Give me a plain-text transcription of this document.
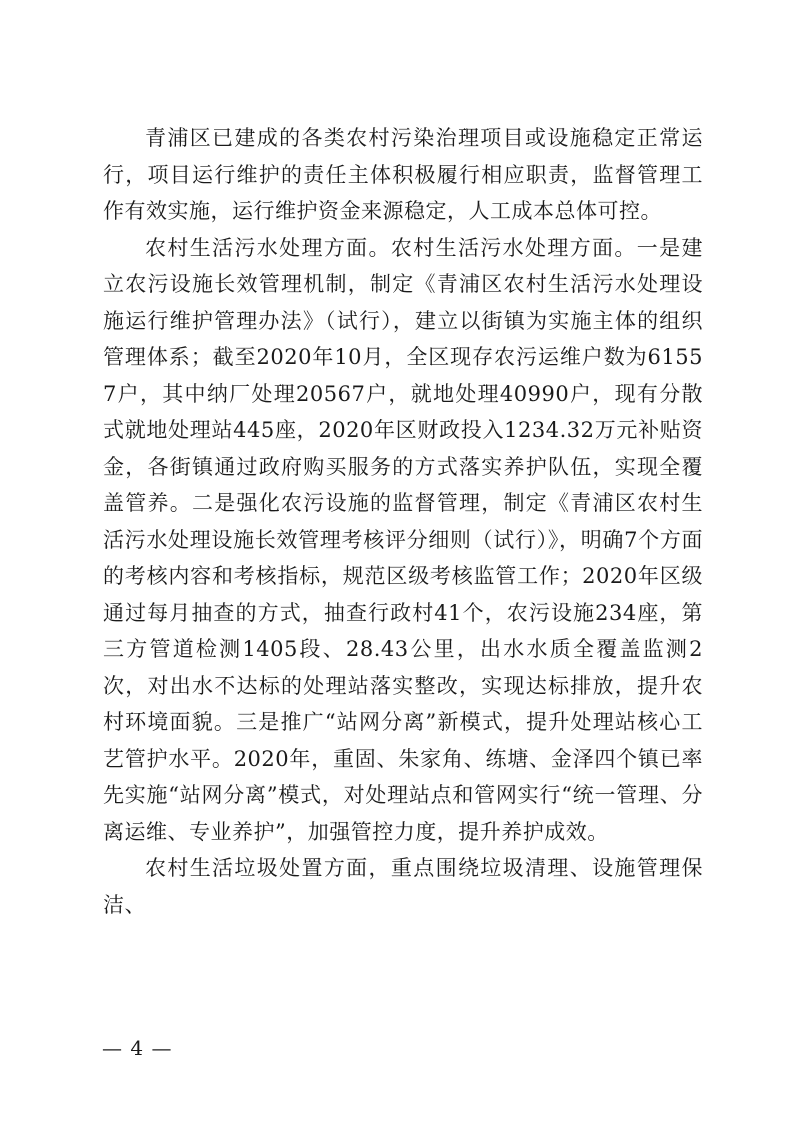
青浦区已建成的各类农村污染治理项目或设施稳定正常运行，项目运行维护的责任主体积极履行相应职责，监督管理工作有效实施，运行维护资金来源稳定，人工成本总体可控。

农村生活污水处理方面。农村生活污水处理方面。一是建立农污设施长效管理机制，制定《青浦区农村生活污水处理设施运行维护管理办法》（试行），建立以街镇为实施主体的组织管理体系；截至2020年10月，全区现存农污运维户数为61557户，其中纳厂处理20567户，就地处理40990户，现有分散式就地处理站445座，2020年区财政投入1234.32万元补贴资金，各街镇通过政府购买服务的方式落实养护队伍，实现全覆盖管养。二是强化农污设施的监督管理，制定《青浦区农村生活污水处理设施长效管理考核评分细则（试行）》，明确7个方面的考核内容和考核指标，规范区级考核监管工作；2020年区级通过每月抽查的方式，抽查行政村41个，农污设施234座，第三方管道检测1405段、28.43公里，出水水质全覆盖监测2次，对出水不达标的处理站落实整改，实现达标排放，提升农村环境面貌。三是推广“站网分离”新模式，提升处理站核心工艺管护水平。2020年，重固、朱家角、练塘、金泽四个镇已率先实施“站网分离”模式，对处理站点和管网实行“统一管理、分离运维、专业养护”，加强管控力度，提升养护成效。

农村生活垃圾处置方面，重点围绕垃圾清理、设施管理保洁、

— 4 —
